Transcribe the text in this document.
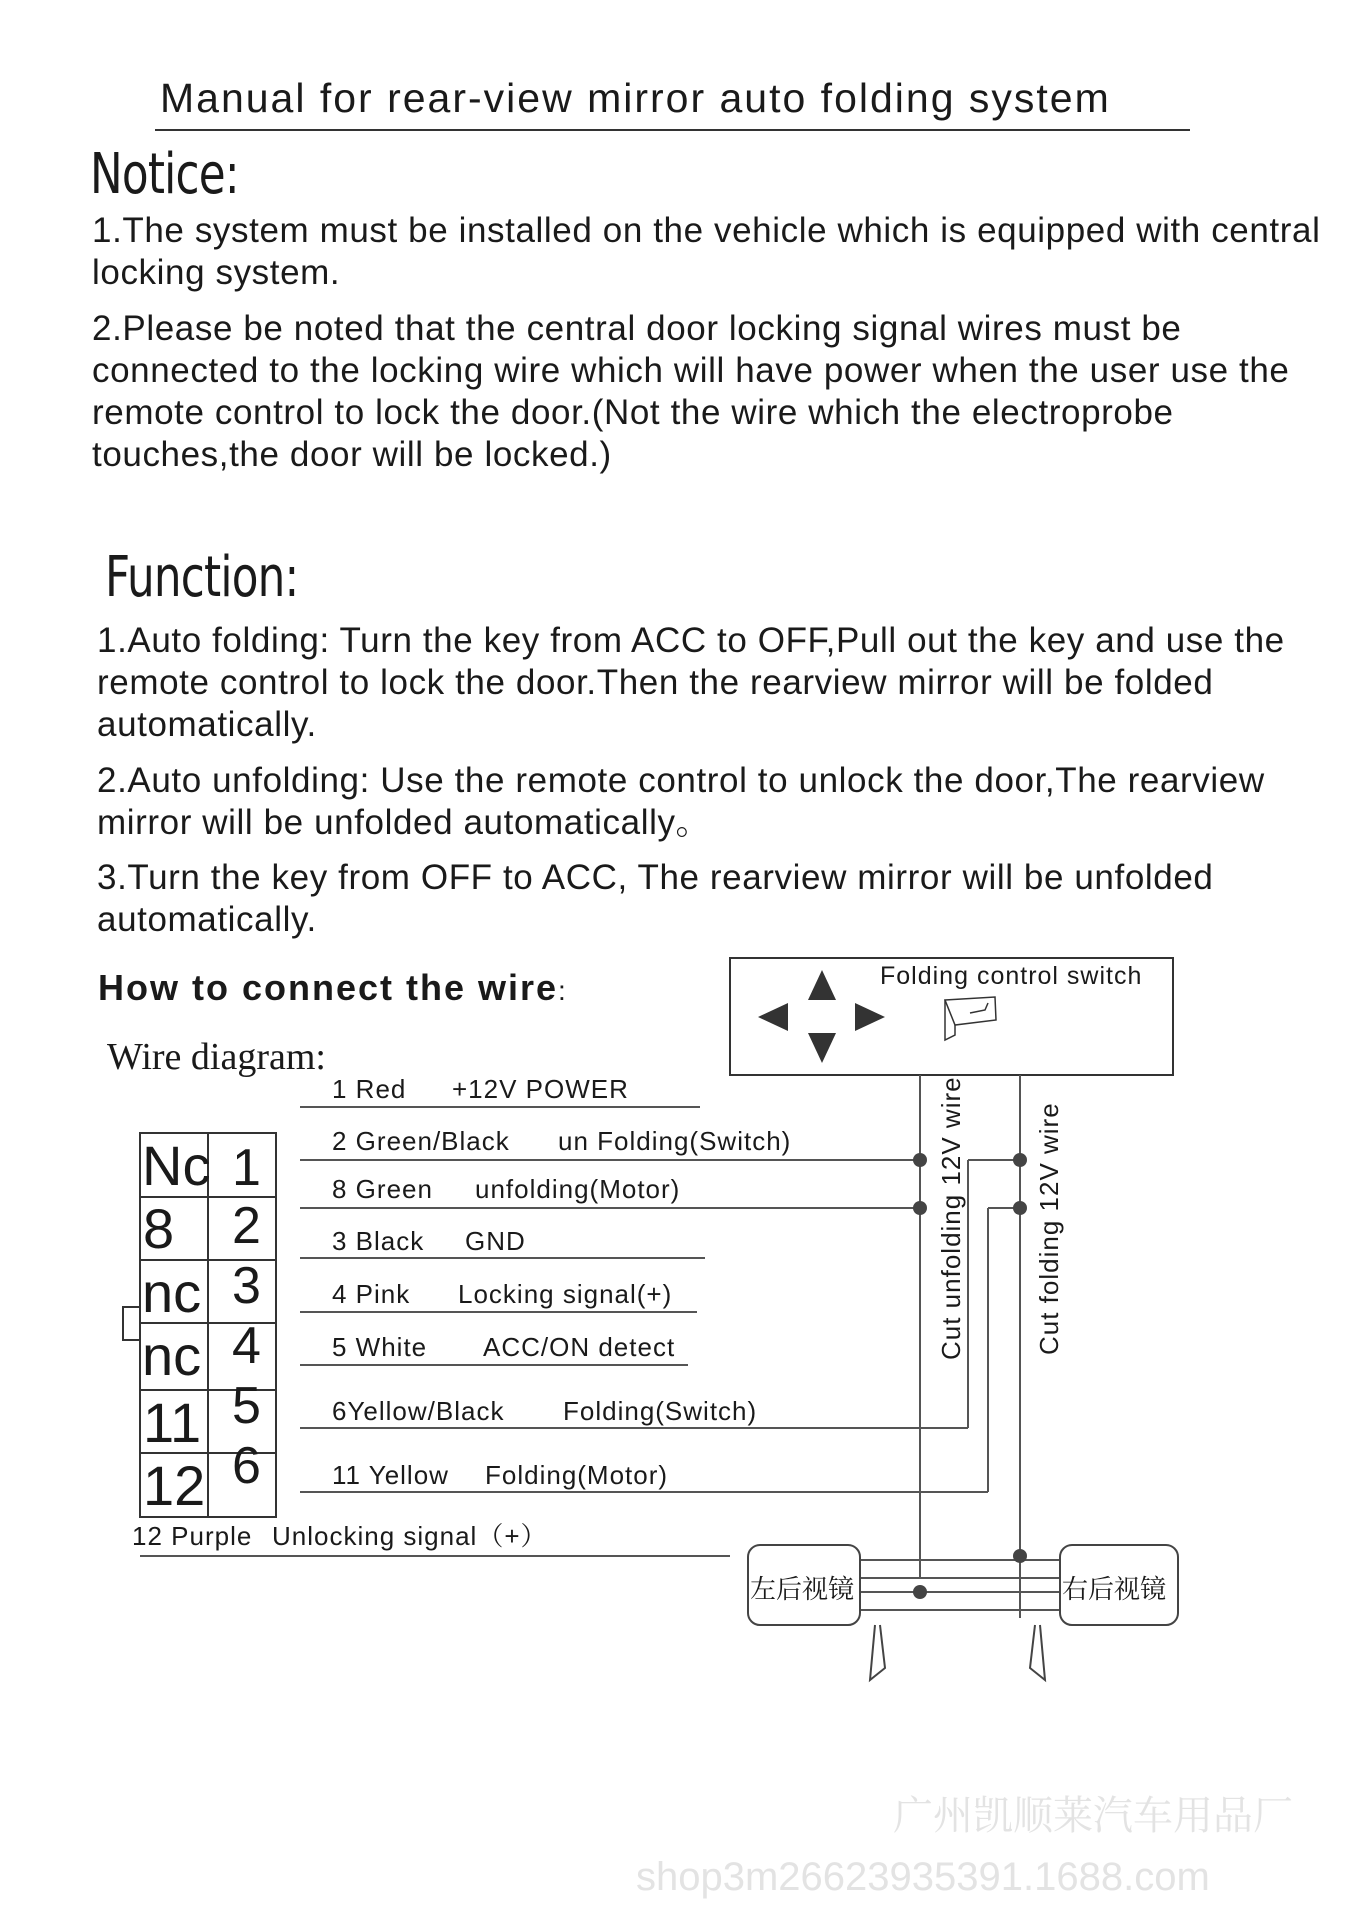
Manual for rear-view mirror auto folding system
Notice:
1.The system must be installed on the vehicle which is equipped with central locking system.
2.Please be noted that the central door locking signal wires must be connected to the locking wire which will have power when the user use the remote control to lock the door.(Not the wire which the electroprobe touches,the door will be locked.)
Function:
1.Auto folding: Turn the key from ACC to OFF,Pull out the key and use the remote control to lock the door.Then the rearview mirror will be folded automatically.
2.Auto unfolding: Use the remote control to unlock the door,The rearview mirror will be unfolded automatically。
3.Turn the key from OFF to ACC, The rearview mirror will be unfolded automatically.
How to connect the wire:
Wire diagram:
Folding control switch
Nc
8
nc
nc
11
12
1
2
3
4
5
6
1 Red +12V POWER
2 Green/Black un Folding(Switch)
8 Green unfolding(Motor)
3 Black GND
4 Pink Locking signal(+)
5 White ACC/ON detect
6Yellow/Black Folding(Switch)
11 Yellow Folding(Motor)
12 Purple Unlocking signal（+）
Cut unfolding 12V wire	Cut folding 12V wire
左后视镜	右后视镜
广州凯顺莱汽车用品厂
shop3m26623935391.1688.com
